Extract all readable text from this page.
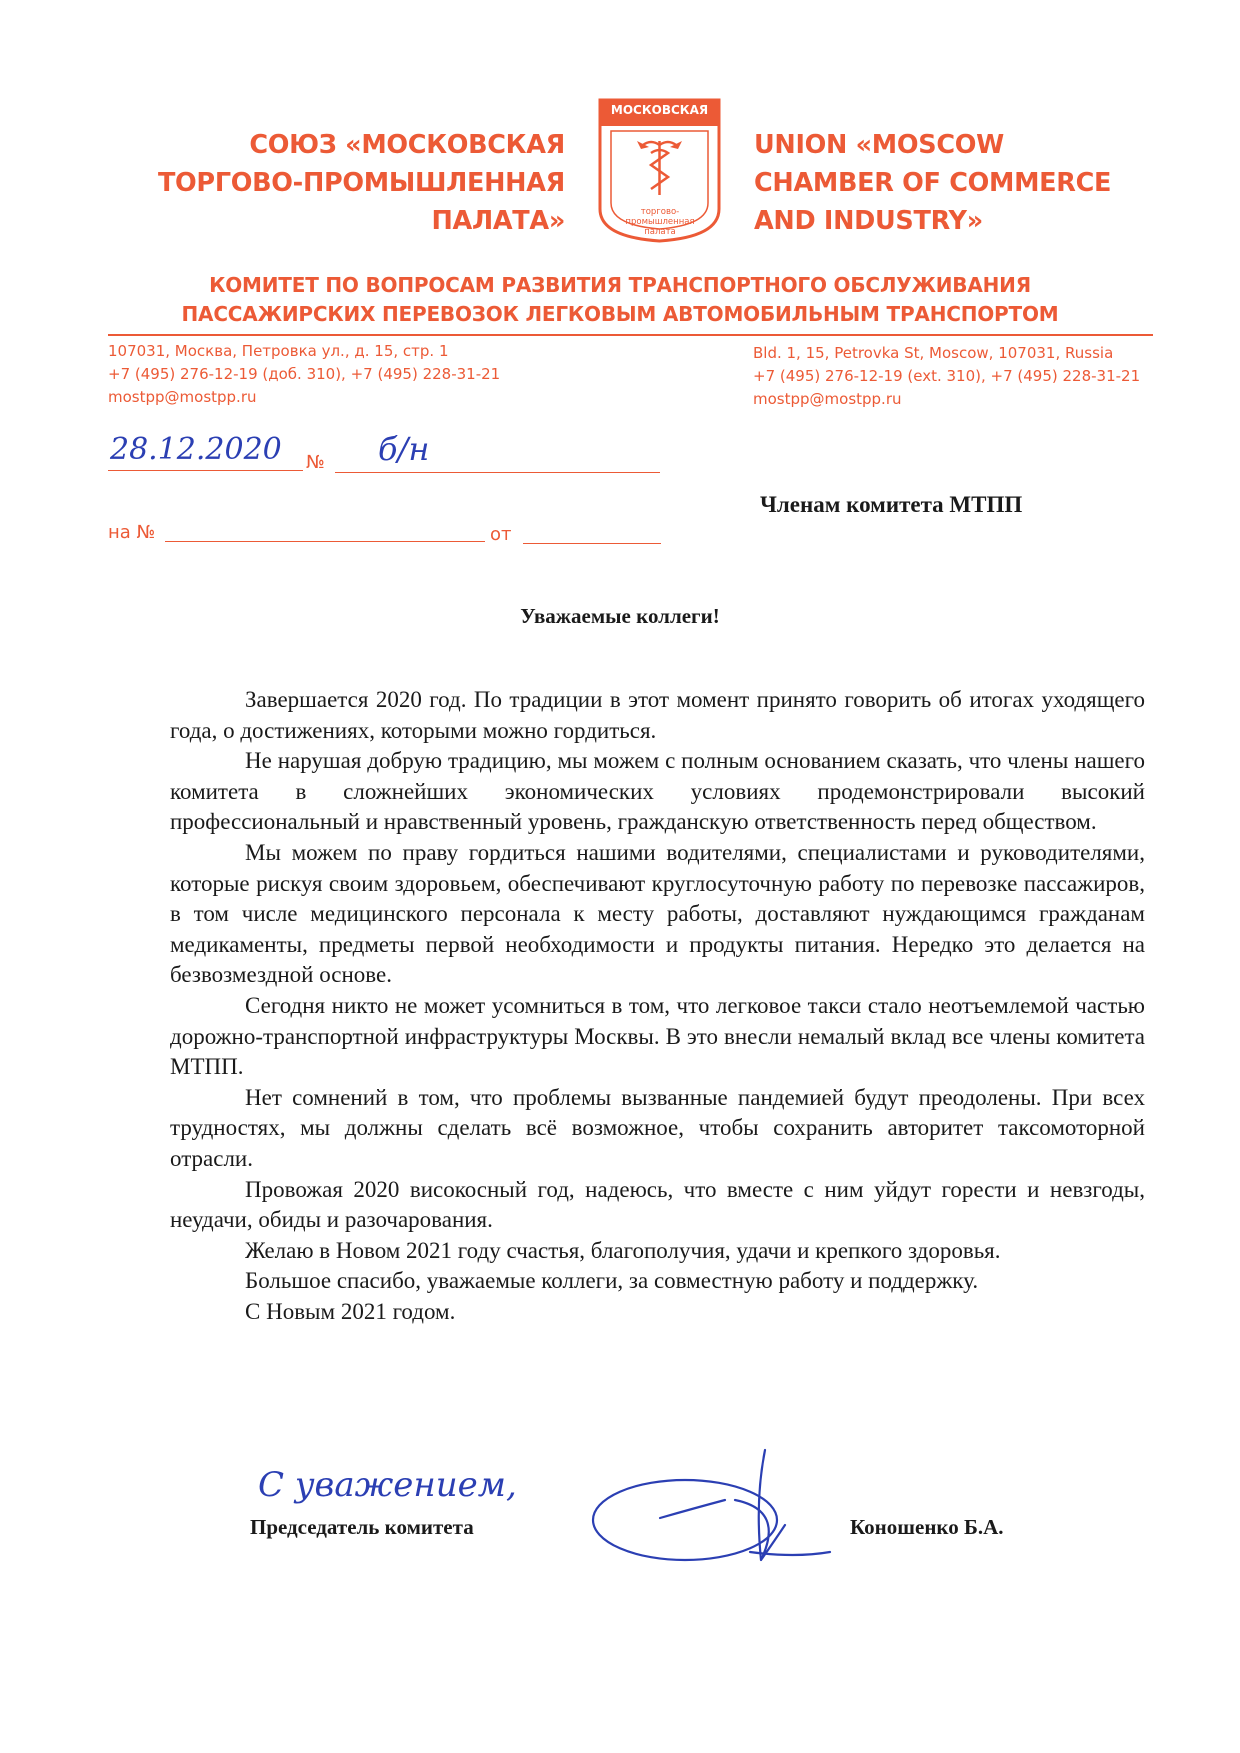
СОЮЗ «МОСКОВСКАЯ
ТОРГОВО-ПРОМЫШЛЕННАЯ
ПАЛАТА»
МОСКОВСКАЯ
торгово-
промышленная
палата
UNION «MOSCOW
CHAMBER OF COMMERCE
AND INDUSTRY»
КОМИТЕТ ПО ВОПРОСАМ РАЗВИТИЯ ТРАНСПОРТНОГО ОБСЛУЖИВАНИЯ
ПАССАЖИРСКИХ ПЕРЕВОЗОК ЛЕГКОВЫМ АВТОМОБИЛЬНЫМ ТРАНСПОРТОМ
107031, Москва, Петровка ул., д. 15, стр. 1
+7 (495) 276-12-19 (доб. 310), +7 (495) 228-31-21
mostpp@mostpp.ru
Bld. 1, 15, Petrovka St, Moscow, 107031, Russia
+7 (495) 276-12-19 (ext. 310), +7 (495) 228-31-21
mostpp@mostpp.ru
28.12.2020 № б/н
на №	от
Членам комитета МТПП
Уважаемые коллеги!

Завершается 2020 год. По традиции в этот момент принято говорить об итогах уходящего года, о достижениях, которыми можно гордиться.

Не нарушая добрую традицию, мы можем с полным основанием сказать, что члены нашего комитета в сложнейших экономических условиях продемонстрировали высокий профессиональный и нравственный уровень, гражданскую ответственность перед обществом.

Мы можем по праву гордиться нашими водителями, специалистами и руководителями, которые рискуя своим здоровьем, обеспечивают круглосуточную работу по перевозке пассажиров, в том числе медицинского персонала к месту работы, доставляют нуждающимся гражданам медикаменты, предметы первой необходимости и продукты питания. Нередко это делается на безвозмездной основе.

Сегодня никто не может усомниться в том, что легковое такси стало неотъемлемой частью дорожно-транспортной инфраструктуры Москвы. В это внесли немалый вклад все члены комитета МТПП.

Нет сомнений в том, что проблемы вызванные пандемией будут преодолены. При всех трудностях, мы должны сделать всё возможное, чтобы сохранить авторитет таксомоторной отрасли.

Провожая 2020 високосный год, надеюсь, что вместе с ним уйдут горести и невзгоды, неудачи, обиды и разочарования.

Желаю в Новом 2021 году счастья, благополучия, удачи и крепкого здоровья.

Большое спасибо, уважаемые коллеги, за совместную работу и поддержку.

С Новым 2021 годом.

С уважением,
Председатель комитета	Коношенко Б.А.
